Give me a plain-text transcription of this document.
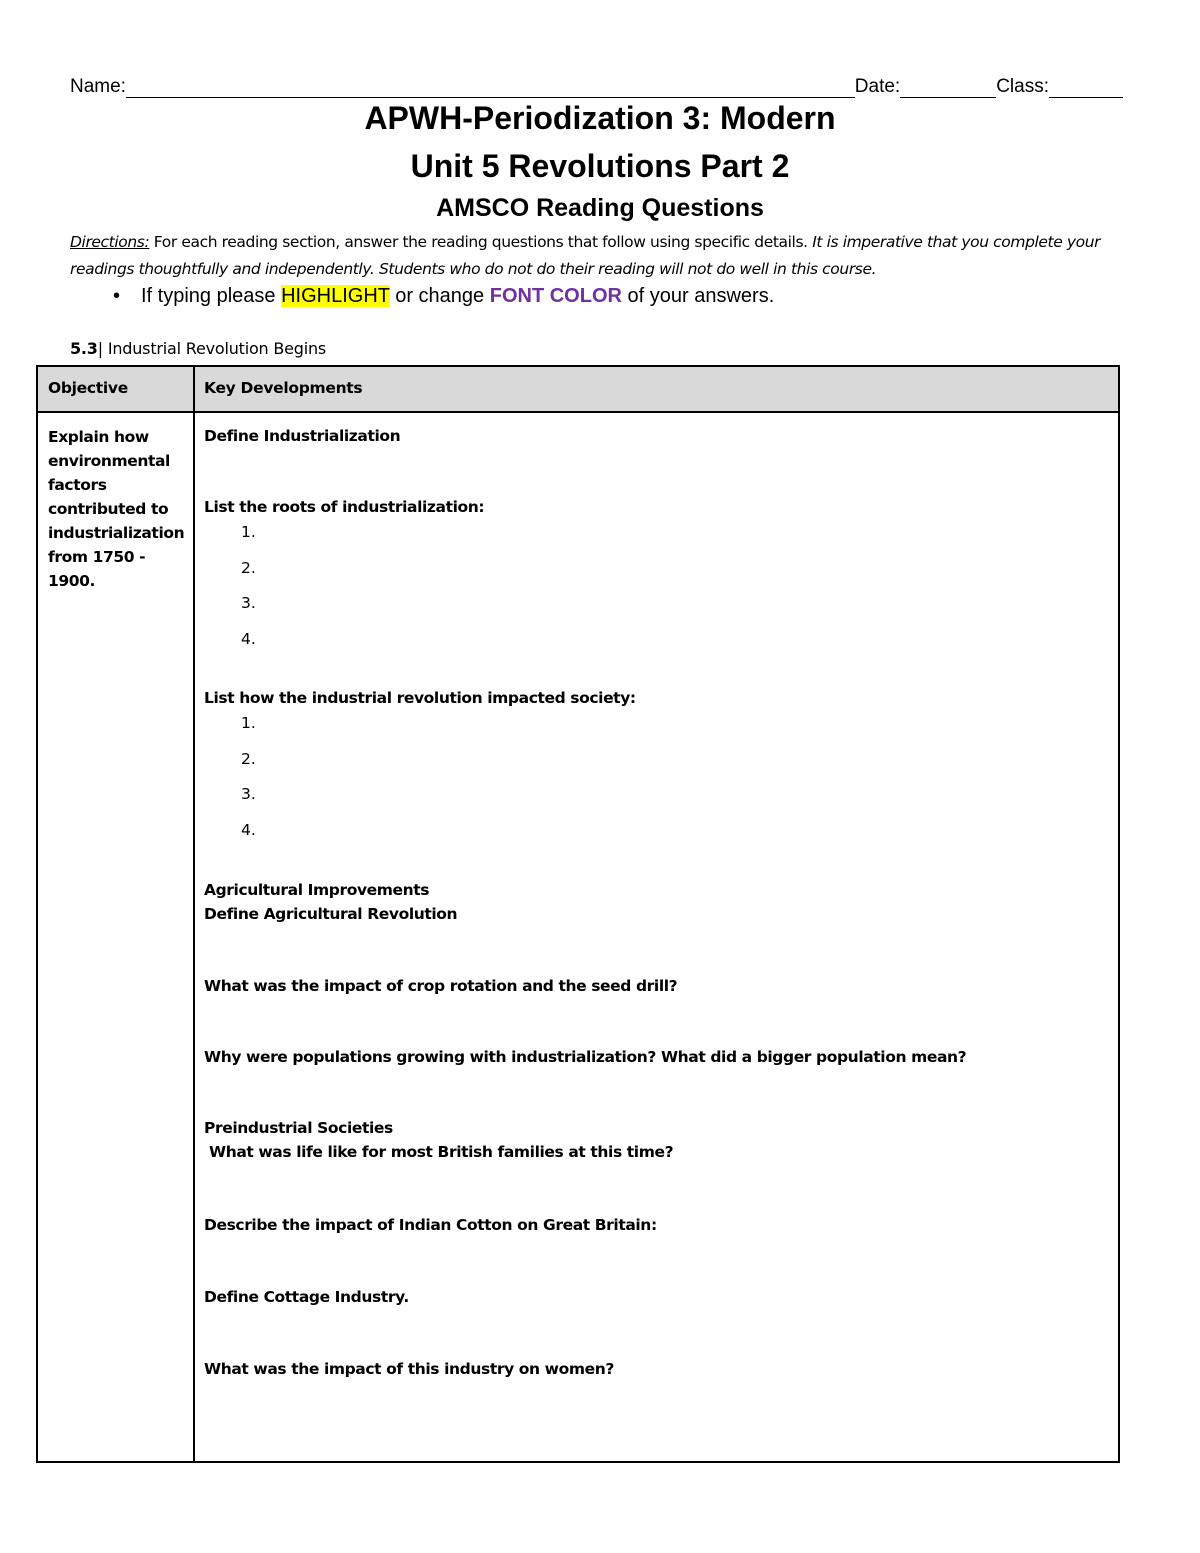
Name:	Date:	Class:
APWH-Periodization 3: Modern
Unit 5 Revolutions Part 2
AMSCO Reading Questions
Directions: For each reading section, answer the reading questions that follow using specific details. It is imperative that you complete your readings thoughtfully and independently. Students who do not do their reading will not do well in this course.
• If typing please HIGHLIGHT or change FONT COLOR of your answers.
5.3| Industrial Revolution Begins
Objective	Key Developments
Explain how environmental factors contributed to industrialization from 1750 - 1900.
Define Industrialization
List the roots of industrialization:
1.
2.
3.
4.
List how the industrial revolution impacted society:
1.
2.
3.
4.
Agricultural Improvements
Define Agricultural Revolution
What was the impact of crop rotation and the seed drill?
Why were populations growing with industrialization? What did a bigger population mean?
Preindustrial Societies
What was life like for most British families at this time?
Describe the impact of Indian Cotton on Great Britain:
Define Cottage Industry.
What was the impact of this industry on women?
